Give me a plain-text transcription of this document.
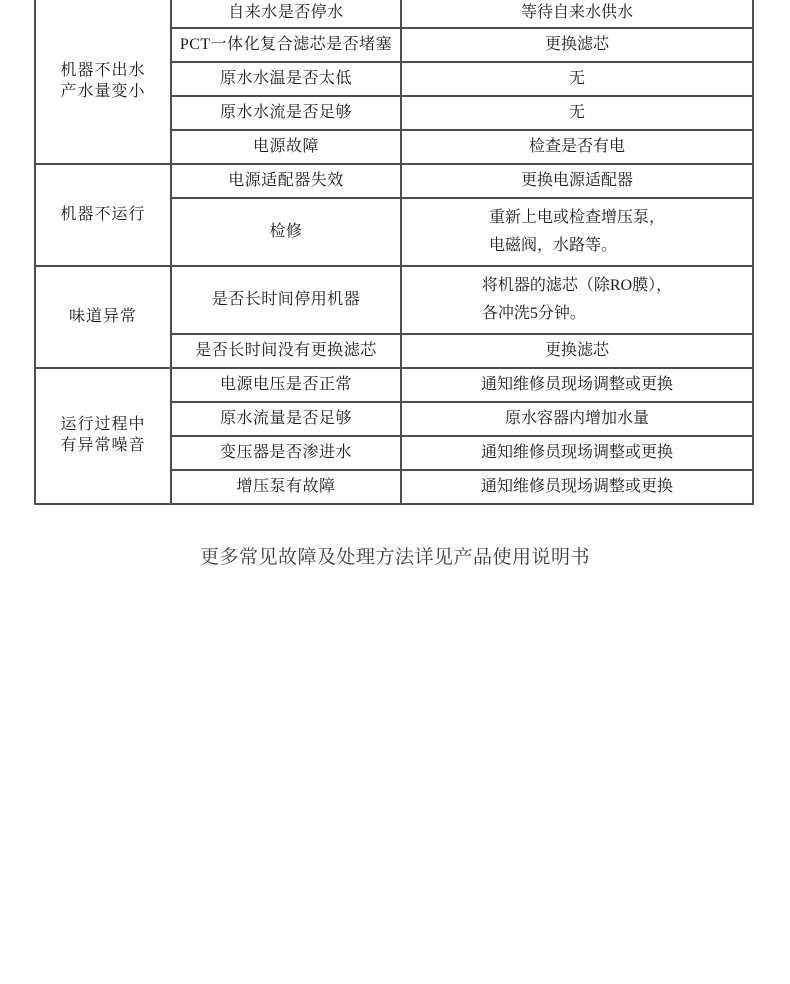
机器不出水
产水量变小	自来水是否停水	等待自来水供水
	PCT一体化复合滤芯是否堵塞	更换滤芯
	原水水温是否太低	无
	原水水流是否足够	无
	电源故障	检查是否有电

机器不运行	电源适配器失效	更换电源适配器
	检修	重新上电或检查增压泵，
电磁阀，水路等。

味道异常	是否长时间停用机器	将机器的滤芯（除RO膜），
各冲洗5分钟。

	是否长时间没有更换滤芯	更换滤芯

运行过程中
有异常噪音	电源电压是否正常	通知维修员现场调整或更换
	原水流量是否足够	原水容器内增加水量
	变压器是否渗进水	通知维修员现场调整或更换
	增压泵有故障	通知维修员现场调整或更换
更多常见故障及处理方法详见产品使用说明书
